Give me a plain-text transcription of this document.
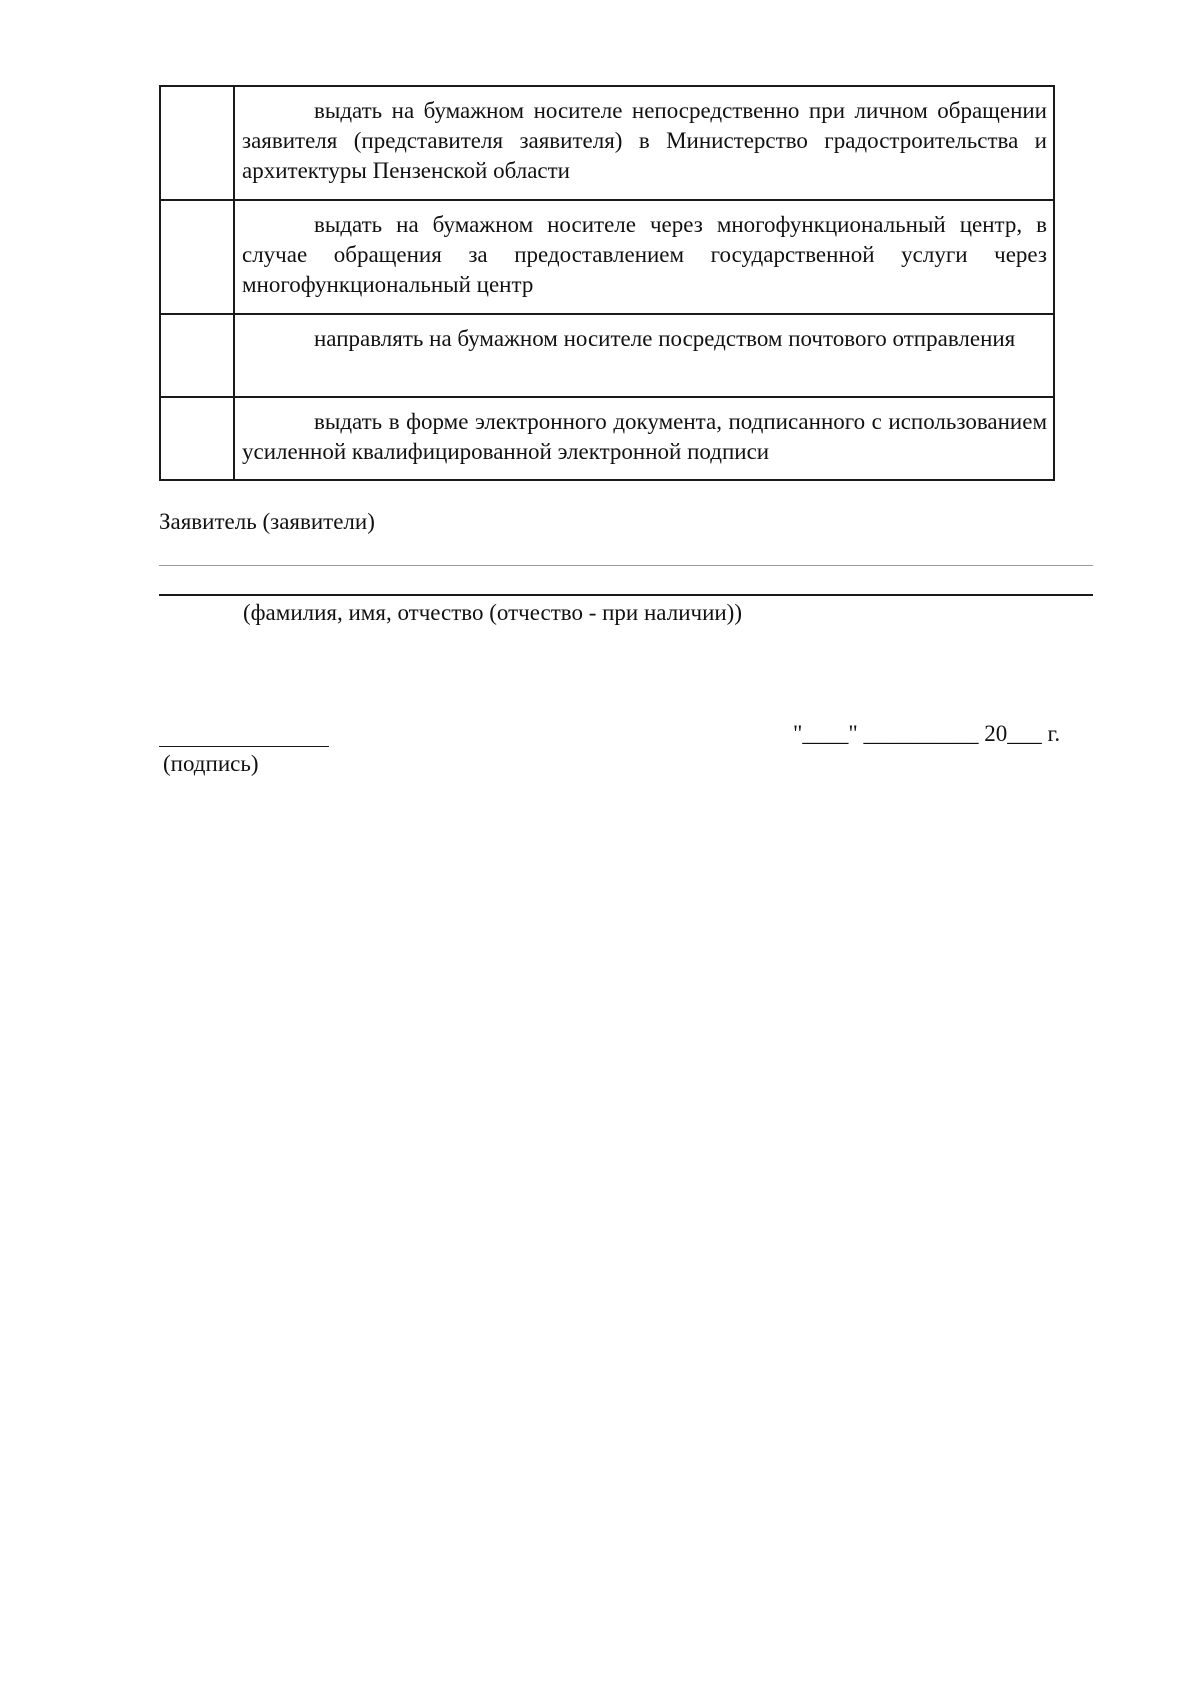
	выдать на бумажном носителе непосредственно при личном обращении заявителя (представителя заявителя) в Министерство градостроительства и архитектуры Пензенской области
	выдать на бумажном носителе через многофункциональный центр, в случае обращения за предоставлением государственной услуги через многофункциональный центр
	направлять на бумажном носителе посредством почтового отправления
	выдать в форме электронного документа, подписанного с использованием усиленной квалифицированной электронной подписи
Заявитель (заявители)
(фамилия, имя, отчество (отчество - при наличии))
(подпись)
"____" __________ 20___ г.
